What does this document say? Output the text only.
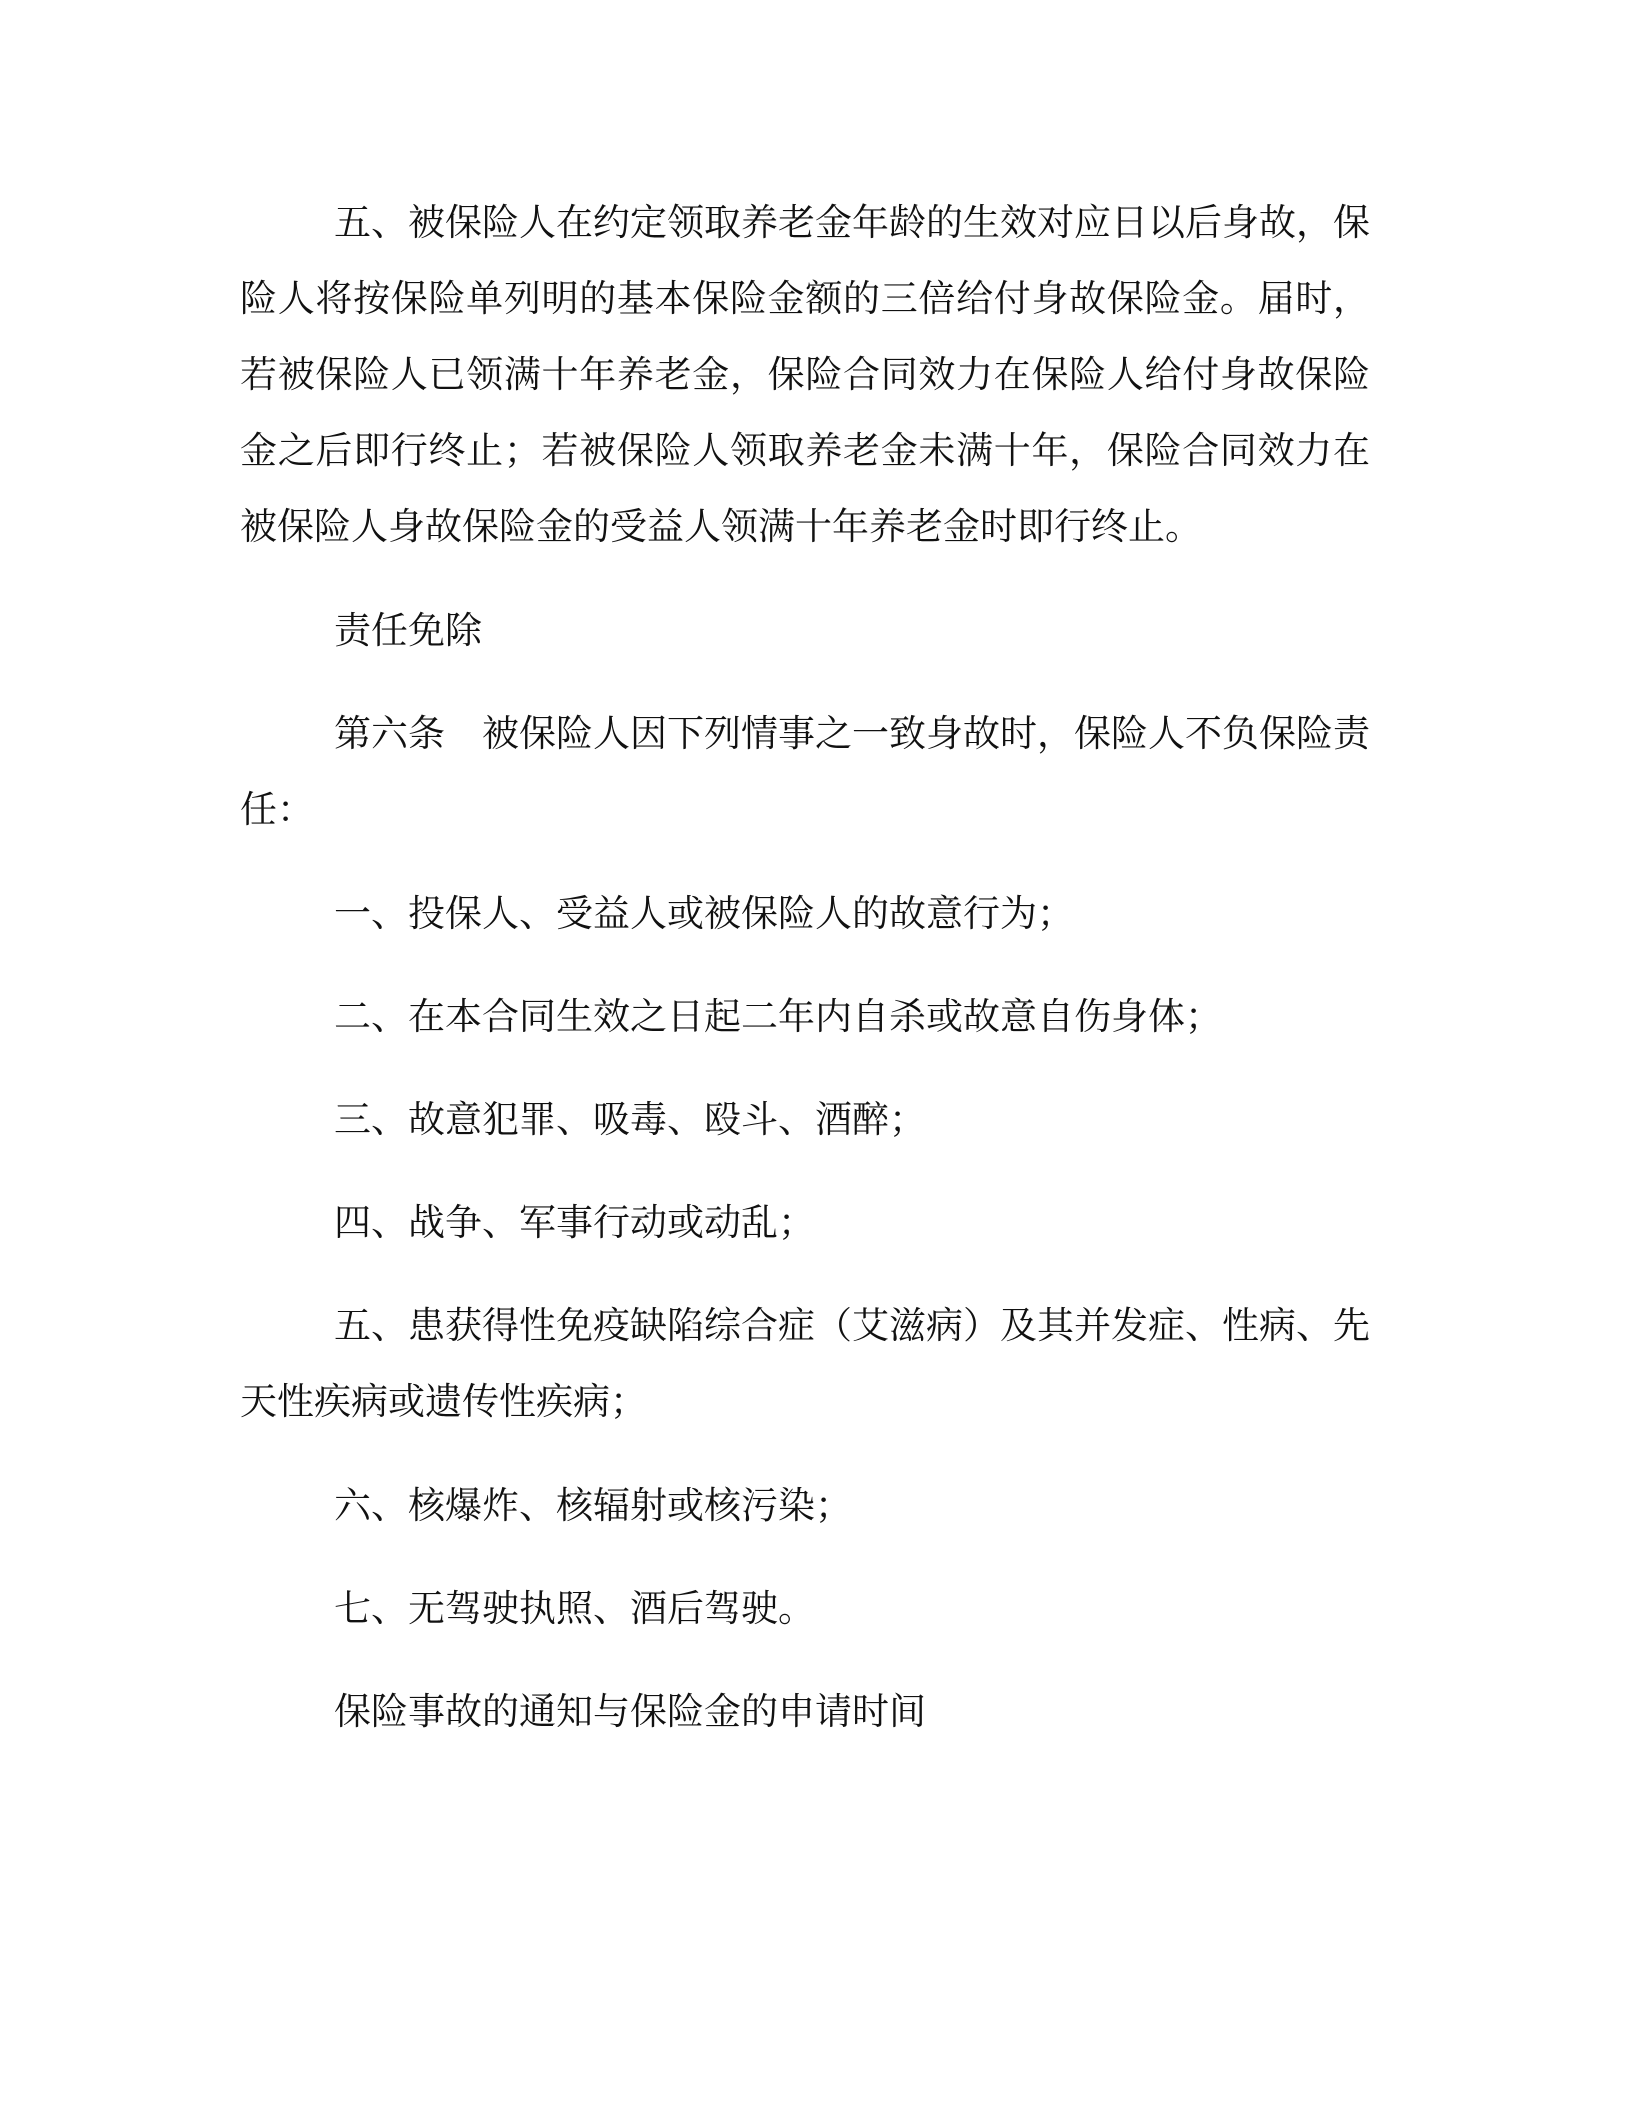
五、被保险人在约定领取养老金年龄的生效对应日以后身故，保险人将按保险单列明的基本保险金额的三倍给付身故保险金。届时，若被保险人已领满十年养老金，保险合同效力在保险人给付身故保险金之后即行终止；若被保险人领取养老金未满十年，保险合同效力在被保险人身故保险金的受益人领满十年养老金时即行终止。

责任免除

第六条　被保险人因下列情事之一致身故时，保险人不负保险责任：

一、投保人、受益人或被保险人的故意行为；

二、在本合同生效之日起二年内自杀或故意自伤身体；

三、故意犯罪、吸毒、殴斗、酒醉；

四、战争、军事行动或动乱；

五、患获得性免疫缺陷综合症（艾滋病）及其并发症、性病、先天性疾病或遗传性疾病；

六、核爆炸、核辐射或核污染；

七、无驾驶执照、酒后驾驶。

保险事故的通知与保险金的申请时间
